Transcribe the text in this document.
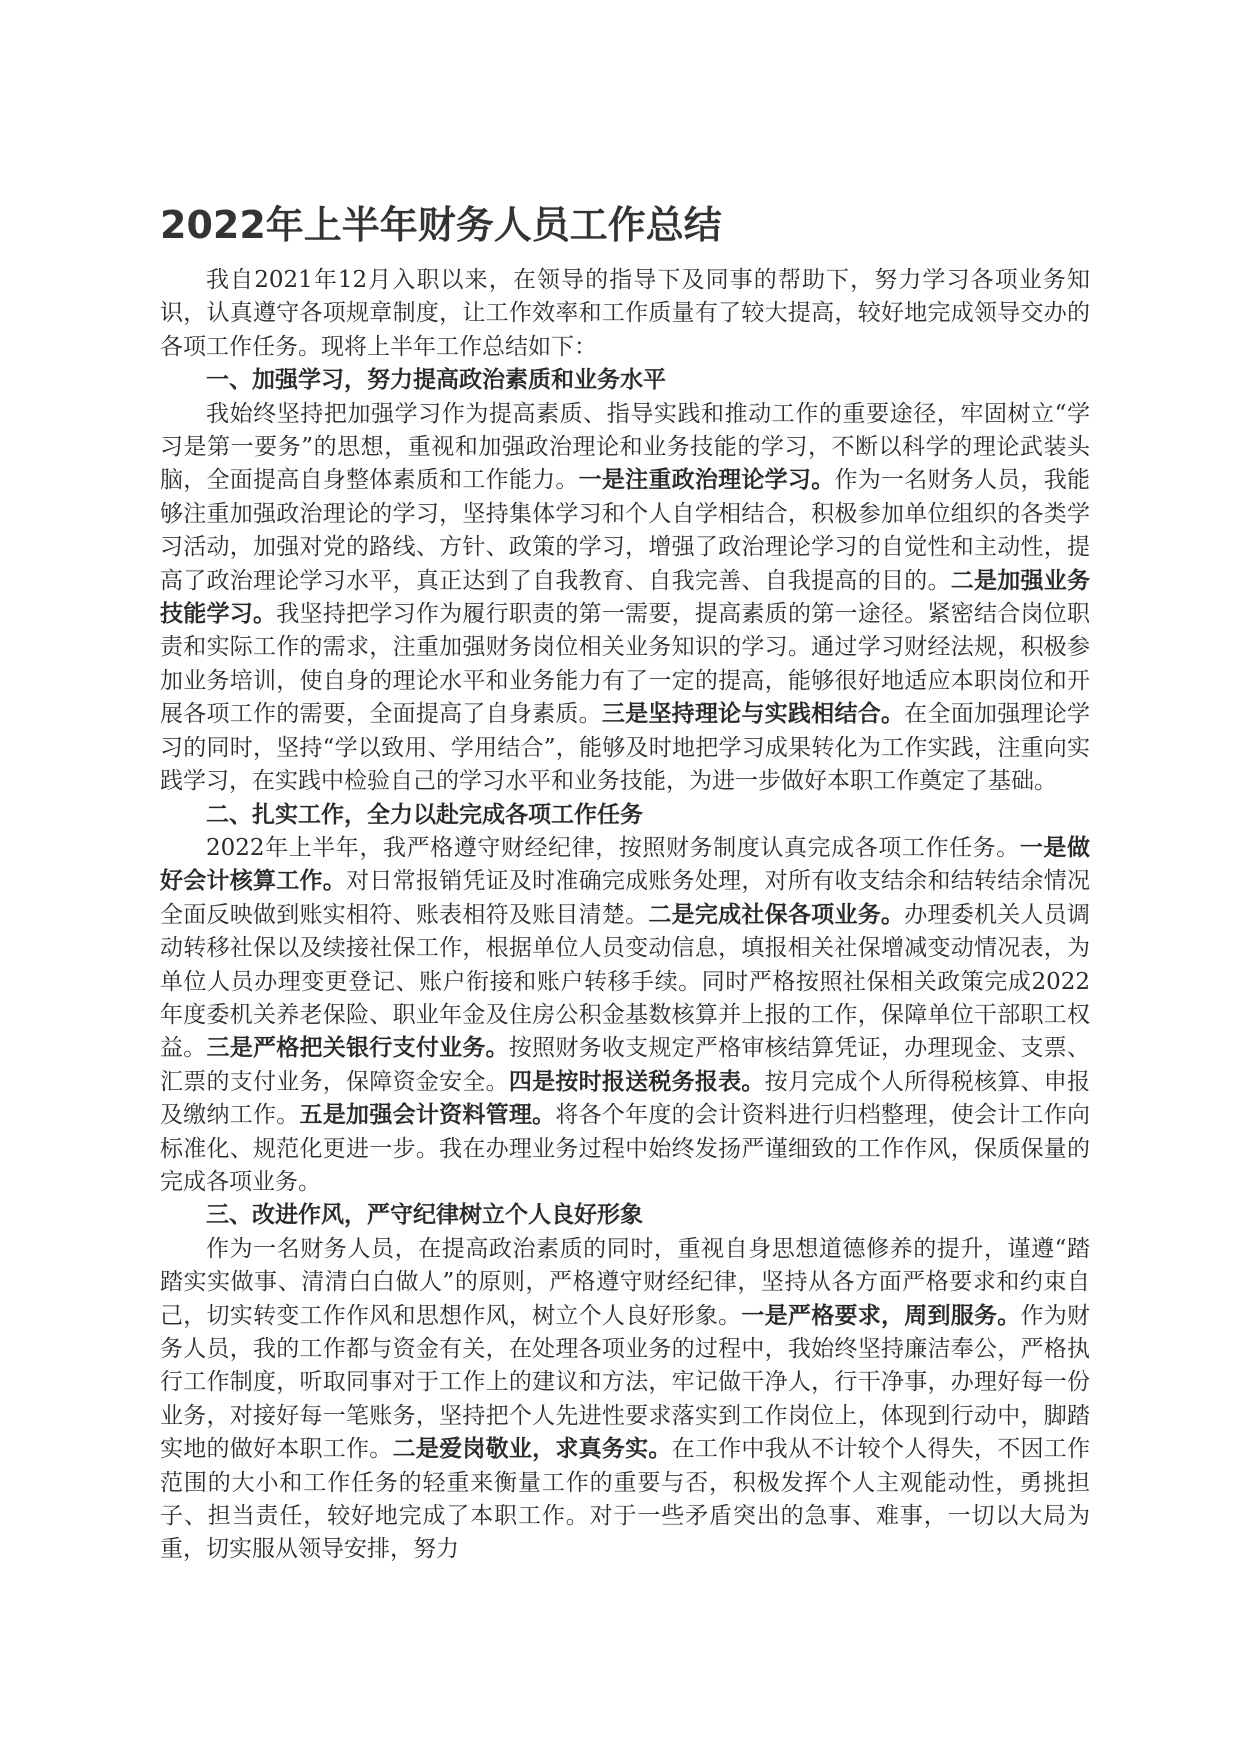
2022年上半年财务人员工作总结

我自2021年12月入职以来，在领导的指导下及同事的帮助下，努力学习各项业务知识，认真遵守各项规章制度，让工作效率和工作质量有了较大提高，较好地完成领导交办的各项工作任务。现将上半年工作总结如下：

一、加强学习，努力提高政治素质和业务水平

我始终坚持把加强学习作为提高素质、指导实践和推动工作的重要途径，牢固树立“学习是第一要务”的思想，重视和加强政治理论和业务技能的学习，不断以科学的理论武装头脑，全面提高自身整体素质和工作能力。一是注重政治理论学习。作为一名财务人员，我能够注重加强政治理论的学习，坚持集体学习和个人自学相结合，积极参加单位组织的各类学习活动，加强对党的路线、方针、政策的学习，增强了政治理论学习的自觉性和主动性，提高了政治理论学习水平，真正达到了自我教育、自我完善、自我提高的目的。二是加强业务技能学习。我坚持把学习作为履行职责的第一需要，提高素质的第一途径。紧密结合岗位职责和实际工作的需求，注重加强财务岗位相关业务知识的学习。通过学习财经法规，积极参加业务培训，使自身的理论水平和业务能力有了一定的提高，能够很好地适应本职岗位和开展各项工作的需要，全面提高了自身素质。三是坚持理论与实践相结合。在全面加强理论学习的同时，坚持“学以致用、学用结合”，能够及时地把学习成果转化为工作实践，注重向实践学习，在实践中检验自己的学习水平和业务技能，为进一步做好本职工作奠定了基础。

二、扎实工作，全力以赴完成各项工作任务

2022年上半年，我严格遵守财经纪律，按照财务制度认真完成各项工作任务。一是做好会计核算工作。对日常报销凭证及时准确完成账务处理，对所有收支结余和结转结余情况全面反映做到账实相符、账表相符及账目清楚。二是完成社保各项业务。办理委机关人员调动转移社保以及续接社保工作，根据单位人员变动信息，填报相关社保增减变动情况表，为单位人员办理变更登记、账户衔接和账户转移手续。同时严格按照社保相关政策完成2022年度委机关养老保险、职业年金及住房公积金基数核算并上报的工作，保障单位干部职工权益。三是严格把关银行支付业务。按照财务收支规定严格审核结算凭证，办理现金、支票、汇票的支付业务，保障资金安全。四是按时报送税务报表。按月完成个人所得税核算、申报及缴纳工作。五是加强会计资料管理。将各个年度的会计资料进行归档整理，使会计工作向标准化、规范化更进一步。我在办理业务过程中始终发扬严谨细致的工作作风，保质保量的完成各项业务。

三、改进作风，严守纪律树立个人良好形象

作为一名财务人员，在提高政治素质的同时，重视自身思想道德修养的提升，谨遵“踏踏实实做事、清清白白做人”的原则，严格遵守财经纪律，坚持从各方面严格要求和约束自己，切实转变工作作风和思想作风，树立个人良好形象。一是严格要求，周到服务。作为财务人员，我的工作都与资金有关，在处理各项业务的过程中，我始终坚持廉洁奉公，严格执行工作制度，听取同事对于工作上的建议和方法，牢记做干净人，行干净事，办理好每一份业务，对接好每一笔账务，坚持把个人先进性要求落实到工作岗位上，体现到行动中，脚踏实地的做好本职工作。二是爱岗敬业，求真务实。在工作中我从不计较个人得失，不因工作范围的大小和工作任务的轻重来衡量工作的重要与否，积极发挥个人主观能动性，勇挑担子、担当责任，较好地完成了本职工作。对于一些矛盾突出的急事、难事，一切以大局为重，切实服从领导安排，努力
